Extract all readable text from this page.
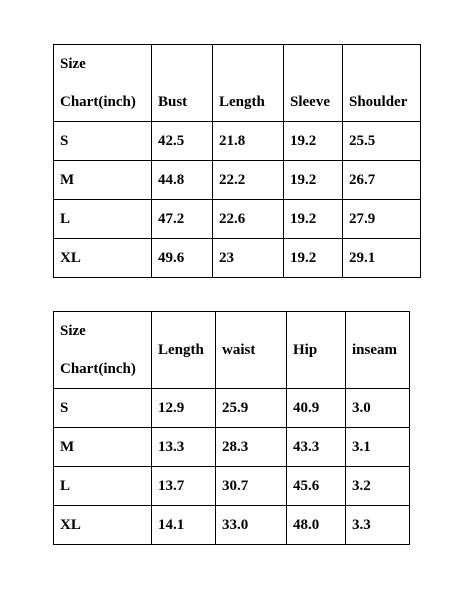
Size
Chart(inch)	Bust	Length	Sleeve	Shoulder

S	42.5	21.8	19.2	25.5
M	44.8	22.2	19.2	26.7
L	47.2	22.6	19.2	27.9
XL	49.6	23	19.2	29.1
Size
Chart(inch)	Length	waist	Hip	inseam
S	12.9	25.9	40.9	3.0
M	13.3	28.3	43.3	3.1
L	13.7	30.7	45.6	3.2
XL	14.1	33.0	48.0	3.3
